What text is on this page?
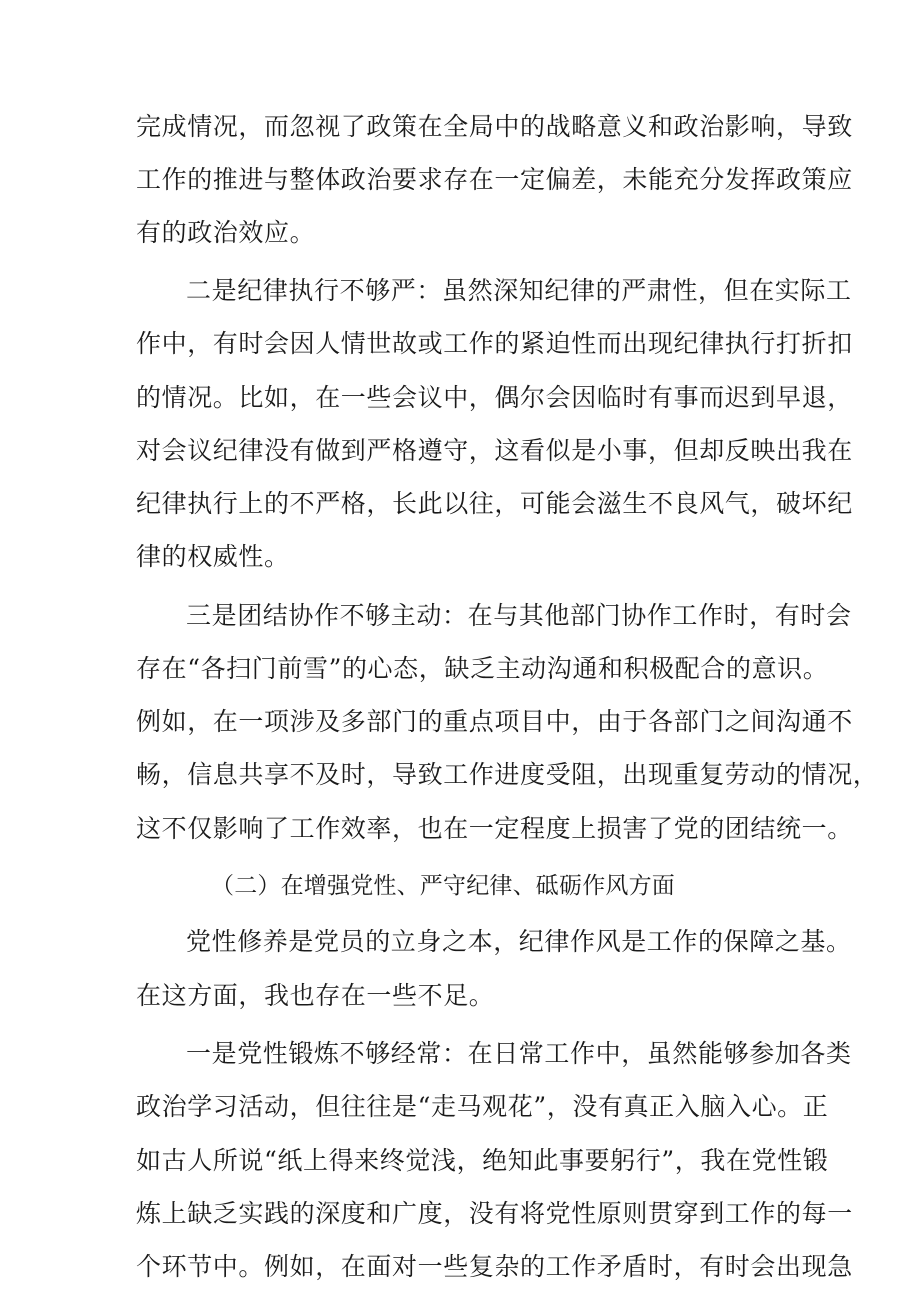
完成情况，而忽视了政策在全局中的战略意义和政治影响，导致
工作的推进与整体政治要求存在一定偏差，未能充分发挥政策应
有的政治效应。
二是纪律执行不够严：虽然深知纪律的严肃性，但在实际工
作中，有时会因人情世故或工作的紧迫性而出现纪律执行打折扣
的情况。比如，在一些会议中，偶尔会因临时有事而迟到早退，
对会议纪律没有做到严格遵守，这看似是小事，但却反映出我在
纪律执行上的不严格，长此以往，可能会滋生不良风气，破坏纪
律的权威性。
三是团结协作不够主动：在与其他部门协作工作时，有时会
存在“各扫门前雪”的心态，缺乏主动沟通和积极配合的意识。
例如，在一项涉及多部门的重点项目中，由于各部门之间沟通不
畅，信息共享不及时，导致工作进度受阻，出现重复劳动的情况，
这不仅影响了工作效率，也在一定程度上损害了党的团结统一。
（二）在增强党性、严守纪律、砥砺作风方面
党性修养是党员的立身之本，纪律作风是工作的保障之基。
在这方面，我也存在一些不足。
一是党性锻炼不够经常：在日常工作中，虽然能够参加各类
政治学习活动，但往往是“走马观花”，没有真正入脑入心。正
如古人所说“纸上得来终觉浅，绝知此事要躬行”，我在党性锻
炼上缺乏实践的深度和广度，没有将党性原则贯穿到工作的每一
个环节中。例如，在面对一些复杂的工作矛盾时，有时会出现急
